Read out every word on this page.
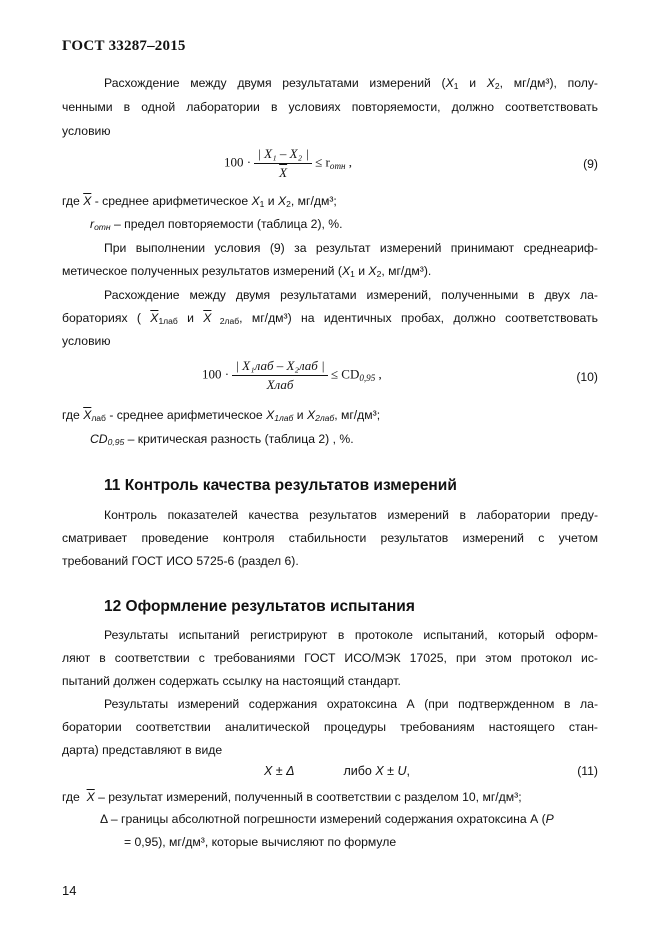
ГОСТ 33287–2015
Расхождение между двумя результатами измерений ($X_1$ и $X_2$, мг/дм³), полу-
ченными в одной лаборатории в условиях повторяемости, должно соответствовать
условию
$100 \cdot \frac{\text{| X₁ – X₂ |}}{X} \le r_{отн}$ ,	(9)
где $\overline{X}$ - среднее арифметическое $X_1$ и $X_2$, мг/дм³;
$r_{отн}$ – предел повторяемости (таблица 2), %.
При выполнении условия (9) за результат измерений принимают среднеариф-
метическое полученных результатов измерений ($X_1$ и $X_2$, мг/дм³).
Расхождение между двумя результатами измерений, полученными в двух ла-
бораториях ( $\overline{X}_{1лаб}$ и $\overline{X}$ $_{2лаб}$, мг/дм³) на идентичных пробах, должно соответствовать
условию
$100 \cdot \frac{\text{| X₁лаб – X₂лаб |}}{\text{Xлаб}} \le CD_{0,95}$ ,	(10)
где $\overline{X}_{лаб}$ - среднее арифметическое $X_{1лаб}$ и $X_{2лаб}$, мг/дм³;
$CD_{0,95}$ – критическая разность (таблица 2) , %.
11 Контроль качества результатов измерений
Контроль показателей качества результатов измерений в лаборатории преду-
сматривает проведение контроля стабильности результатов измерений с учетом
требований ГОСТ ИСО 5725-6 (раздел 6).
12 Оформление результатов испытания
Результаты испытаний регистрируют в протоколе испытаний, который оформ-
ляют в соответствии с требованиями ГОСТ ИСО/МЭК 17025, при этом протокол ис-
пытаний должен содержать ссылку на настоящий стандарт.
Результаты измерений содержания охратоксина А (при подтвержденном в ла-
боратории соответствии аналитической процедуры требованиям настоящего стан-
дарта) представляют в виде
X ± Δ	либо X ± U,	(11)
где $\overline{X}$ – результат измерений, полученный в соответствии с разделом 10, мг/дм³;
Δ – границы абсолютной погрешности измерений содержания охратоксина А (P
= 0,95), мг/дм³, которые вычисляют по формуле
14
